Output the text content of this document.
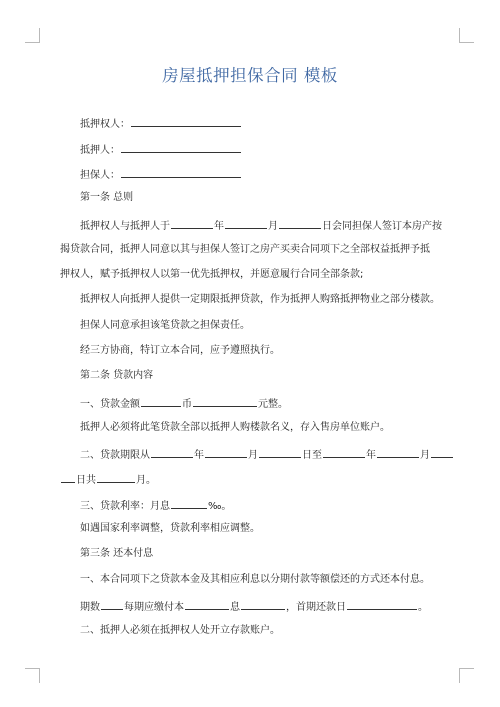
房屋抵押担保合同 模板
抵押权人：
抵押人：
担保人：
第一条 总则
抵押权人与抵押人于	年	月	日会同担保人签订本房产按
揭贷款合同，抵押人同意以其与担保人签订之房产买卖合同项下之全部权益抵押予抵
押权人，赋予抵押权人以第一优先抵押权，并愿意履行合同全部条款;
抵押权人向抵押人提供一定期限抵押贷款，作为抵押人购臵抵押物业之部分楼款。
担保人同意承担该笔贷款之担保责任。
经三方协商，特订立本合同，应予遵照执行。
第二条 贷款内容
一、贷款金额	币	元整。
抵押人必须将此笔贷款全部以抵押人购楼款名义，存入售房单位账户。
二、贷款期限从	年	月	日至	年	月
日共	月。
三、贷款利率：月息	‰。
如遇国家利率调整，贷款利率相应调整。
第三条 还本付息
一、本合同项下之贷款本金及其相应利息以分期付款等额偿还的方式还本付息。
期数 每期应缴付本	息	，首期还款日	。
二、抵押人必须在抵押权人处开立存款账户。
